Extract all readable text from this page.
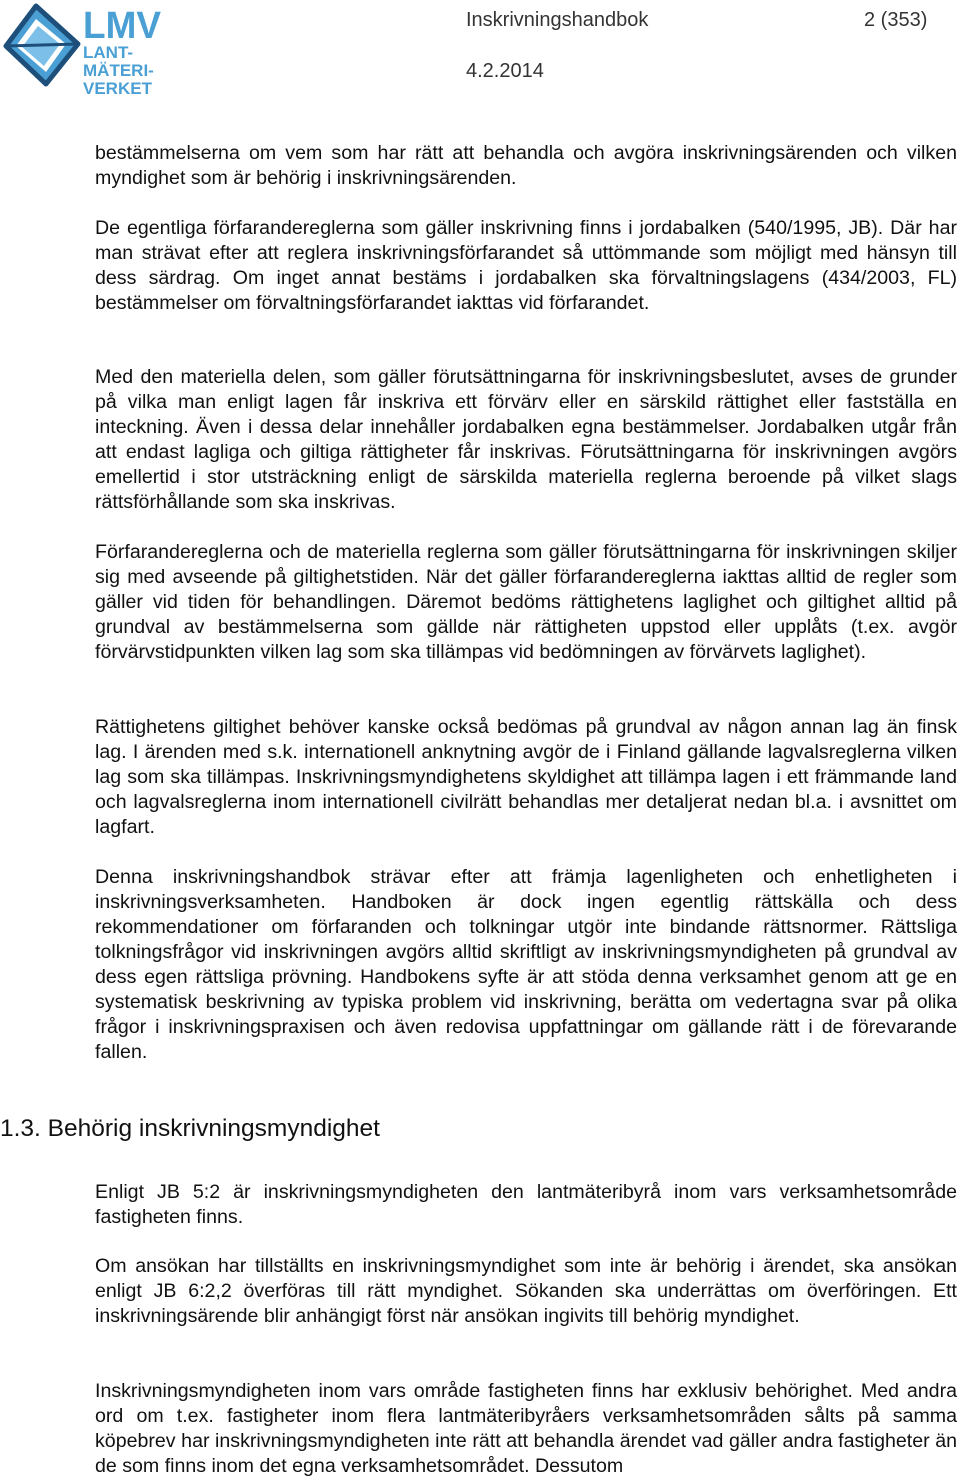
LMV
LANT-
MÄTERI-
VERKET
Inskrivningshandbok	2 (353)
4.2.2014

bestämmelserna om vem som har rätt att behandla och avgöra inskrivningsärenden och vilken myndighet som är behörig i inskrivningsärenden.

De egentliga förfarandereglerna som gäller inskrivning finns i jordabalken (540/1995, JB). Där har man strävat efter att reglera inskrivningsförfarandet så uttömmande som möjligt med hänsyn till dess särdrag. Om inget annat bestäms i jordabalken ska förvaltningslagens (434/2003, FL) bestämmelser om förvaltningsförfarandet iakttas vid förfarandet.

Med den materiella delen, som gäller förutsättningarna för inskrivningsbeslutet, avses de grunder på vilka man enligt lagen får inskriva ett förvärv eller en särskild rättighet eller fastställa en inteckning. Även i dessa delar innehåller jordabalken egna bestämmelser. Jordabalken utgår från att endast lagliga och giltiga rättigheter får inskrivas. Förutsättningarna för inskrivningen avgörs emellertid i stor utsträckning enligt de särskilda materiella reglerna beroende på vilket slags rättsförhållande som ska inskrivas.

Förfarandereglerna och de materiella reglerna som gäller förutsättningarna för inskrivningen skiljer sig med avseende på giltighetstiden. När det gäller förfarandereglerna iakttas alltid de regler som gäller vid tiden för behandlingen. Däremot bedöms rättighetens laglighet och giltighet alltid på grundval av bestämmelserna som gällde när rättigheten uppstod eller upplåts (t.ex. avgör förvärvstidpunkten vilken lag som ska tillämpas vid bedömningen av förvärvets laglighet).

Rättighetens giltighet behöver kanske också bedömas på grundval av någon annan lag än finsk lag. I ärenden med s.k. internationell anknytning avgör de i Finland gällande lagvalsreglerna vilken lag som ska tillämpas. Inskrivningsmyndighetens skyldighet att tillämpa lagen i ett främmande land och lagvalsreglerna inom internationell civilrätt behandlas mer detaljerat nedan bl.a. i avsnittet om lagfart.

Denna inskrivningshandbok strävar efter att främja lagenligheten och enhetligheten i inskrivningsverksamheten. Handboken är dock ingen egentlig rättskälla och dess rekommendationer om förfaranden och tolkningar utgör inte bindande rättsnormer. Rättsliga tolkningsfrågor vid inskrivningen avgörs alltid skriftligt av inskrivningsmyndigheten på grundval av dess egen rättsliga prövning. Handbokens syfte är att stöda denna verksamhet genom att ge en systematisk beskrivning av typiska problem vid inskrivning, berätta om vedertagna svar på olika frågor i inskrivningspraxisen och även redovisa uppfattningar om gällande rätt i de förevarande fallen.

1.3. Behörig inskrivningsmyndighet

Enligt JB 5:2 är inskrivningsmyndigheten den lantmäteribyrå inom vars verksamhetsområde fastigheten finns.

Om ansökan har tillställts en inskrivningsmyndighet som inte är behörig i ärendet, ska ansökan enligt JB 6:2,2 överföras till rätt myndighet. Sökanden ska underrättas om överföringen. Ett inskrivningsärende blir anhängigt först när ansökan ingivits till behörig myndighet.

Inskrivningsmyndigheten inom vars område fastigheten finns har exklusiv behörighet. Med andra ord om t.ex. fastigheter inom flera lantmäteribyråers verksamhetsområden sålts på samma köpebrev har inskrivningsmyndigheten inte rätt att behandla ärendet vad gäller andra fastigheter än de som finns inom det egna verksamhetsområdet. Dessutom
